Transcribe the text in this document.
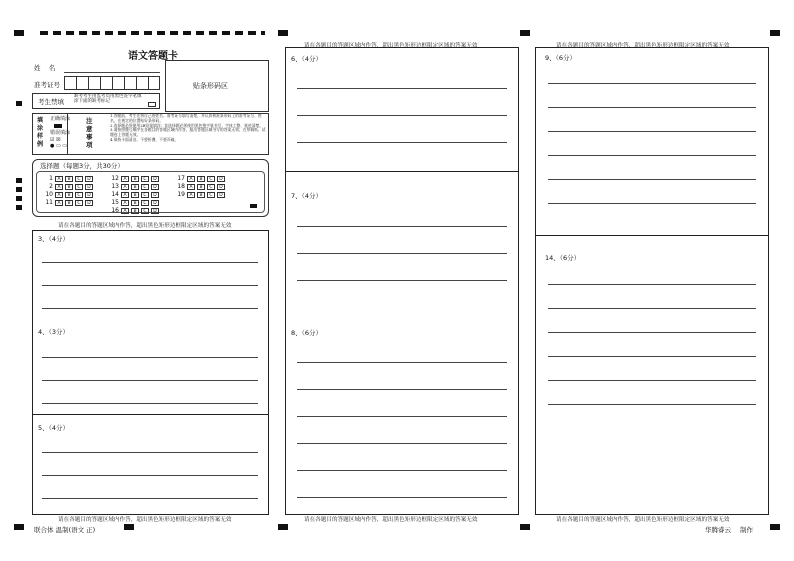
语文答题卡
姓    名
准考证号
考生禁填
缺考考生由监考员用黑色签字笔填涂下面的缺考标记
贴条形码区
填涂样例
正确填涂
错误填涂
☑ ☒
● ▭ ▭
注意事项
1.答题前，考生先将自己的姓名、准考证号填写清楚，并认真核准条形码上的准考证号、姓名，在规定的位置贴好条形码。
2.选择题必须使用2B铅笔填涂；非选择题必须使用黑色签字笔书写，字体工整、笔迹清楚。
3.请按照题号顺序在各题目的答题区域内作答，超出答题区域书写的答案无效；在草稿纸、试题卷上答题无效。
4.保持卡面清洁，不要折叠、不要弄破。
选择题（每题3分，共30分）
1 A B C D
2 A B C D
12 A B C D
13 A B C D
14 A B C D
15 A B C D
16 A B C D
17 A B C D
18 A B C D
19 A B C D
10 A B C D
11 A B C D
请在各题目的答题区域内作答，超出黑色矩形边框限定区域的答案无效
3、（4分）
4、（3分）
5、（4分）
请在各题目的答题区域内作答，超出黑色矩形边框限定区域的答案无效
请在各题目的答题区域内作答，超出黑色矩形边框限定区域的答案无效
6、（4分）
7、（4分）
8、（6分）
请在各题目的答题区域内作答，超出黑色矩形边框限定区域的答案无效
请在各题目的答题区域内作答，超出黑色矩形边框限定区域的答案无效
9、（6分）
14、（6分）
请在各题目的答题区域内作答，超出黑色矩形边框限定区域的答案无效
联合体 温制(语文 正)	华腾睿云 制作
